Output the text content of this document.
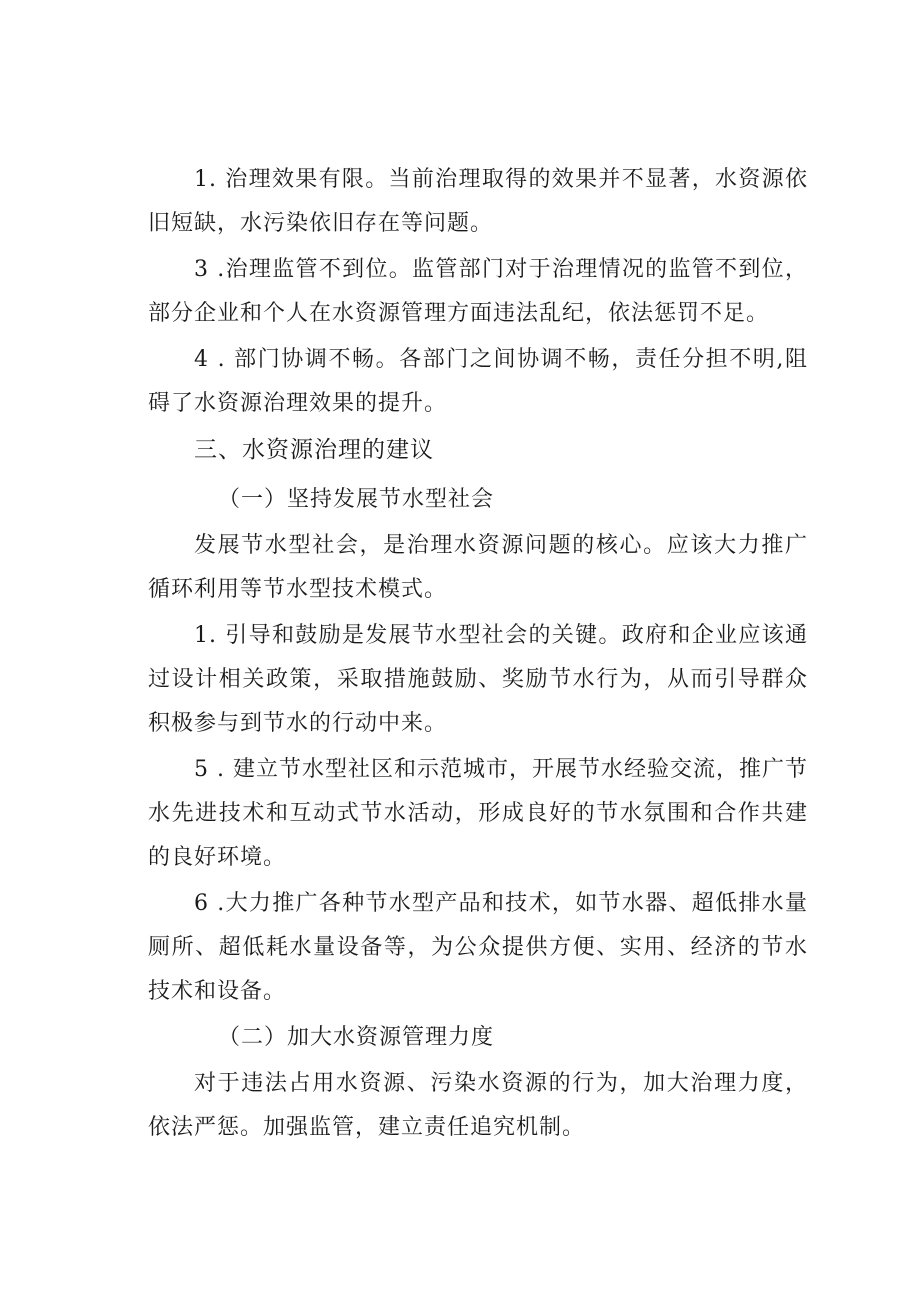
1. 治理效果有限。当前治理取得的效果并不显著，水资源依旧短缺，水污染依旧存在等问题。

3 .治理监管不到位。监管部门对于治理情况的监管不到位，部分企业和个人在水资源管理方面违法乱纪，依法惩罚不足。

4 . 部门协调不畅。各部门之间协调不畅，责任分担不明,阻碍了水资源治理效果的提升。

三、水资源治理的建议

（一）坚持发展节水型社会

发展节水型社会，是治理水资源问题的核心。应该大力推广循环利用等节水型技术模式。

1. 引导和鼓励是发展节水型社会的关键。政府和企业应该通过设计相关政策，采取措施鼓励、奖励节水行为，从而引导群众积极参与到节水的行动中来。

5 . 建立节水型社区和示范城市，开展节水经验交流，推广节水先进技术和互动式节水活动，形成良好的节水氛围和合作共建的良好环境。

6 .大力推广各种节水型产品和技术，如节水器、超低排水量厕所、超低耗水量设备等，为公众提供方便、实用、经济的节水技术和设备。

（二）加大水资源管理力度

对于违法占用水资源、污染水资源的行为，加大治理力度，依法严惩。加强监管，建立责任追究机制。
